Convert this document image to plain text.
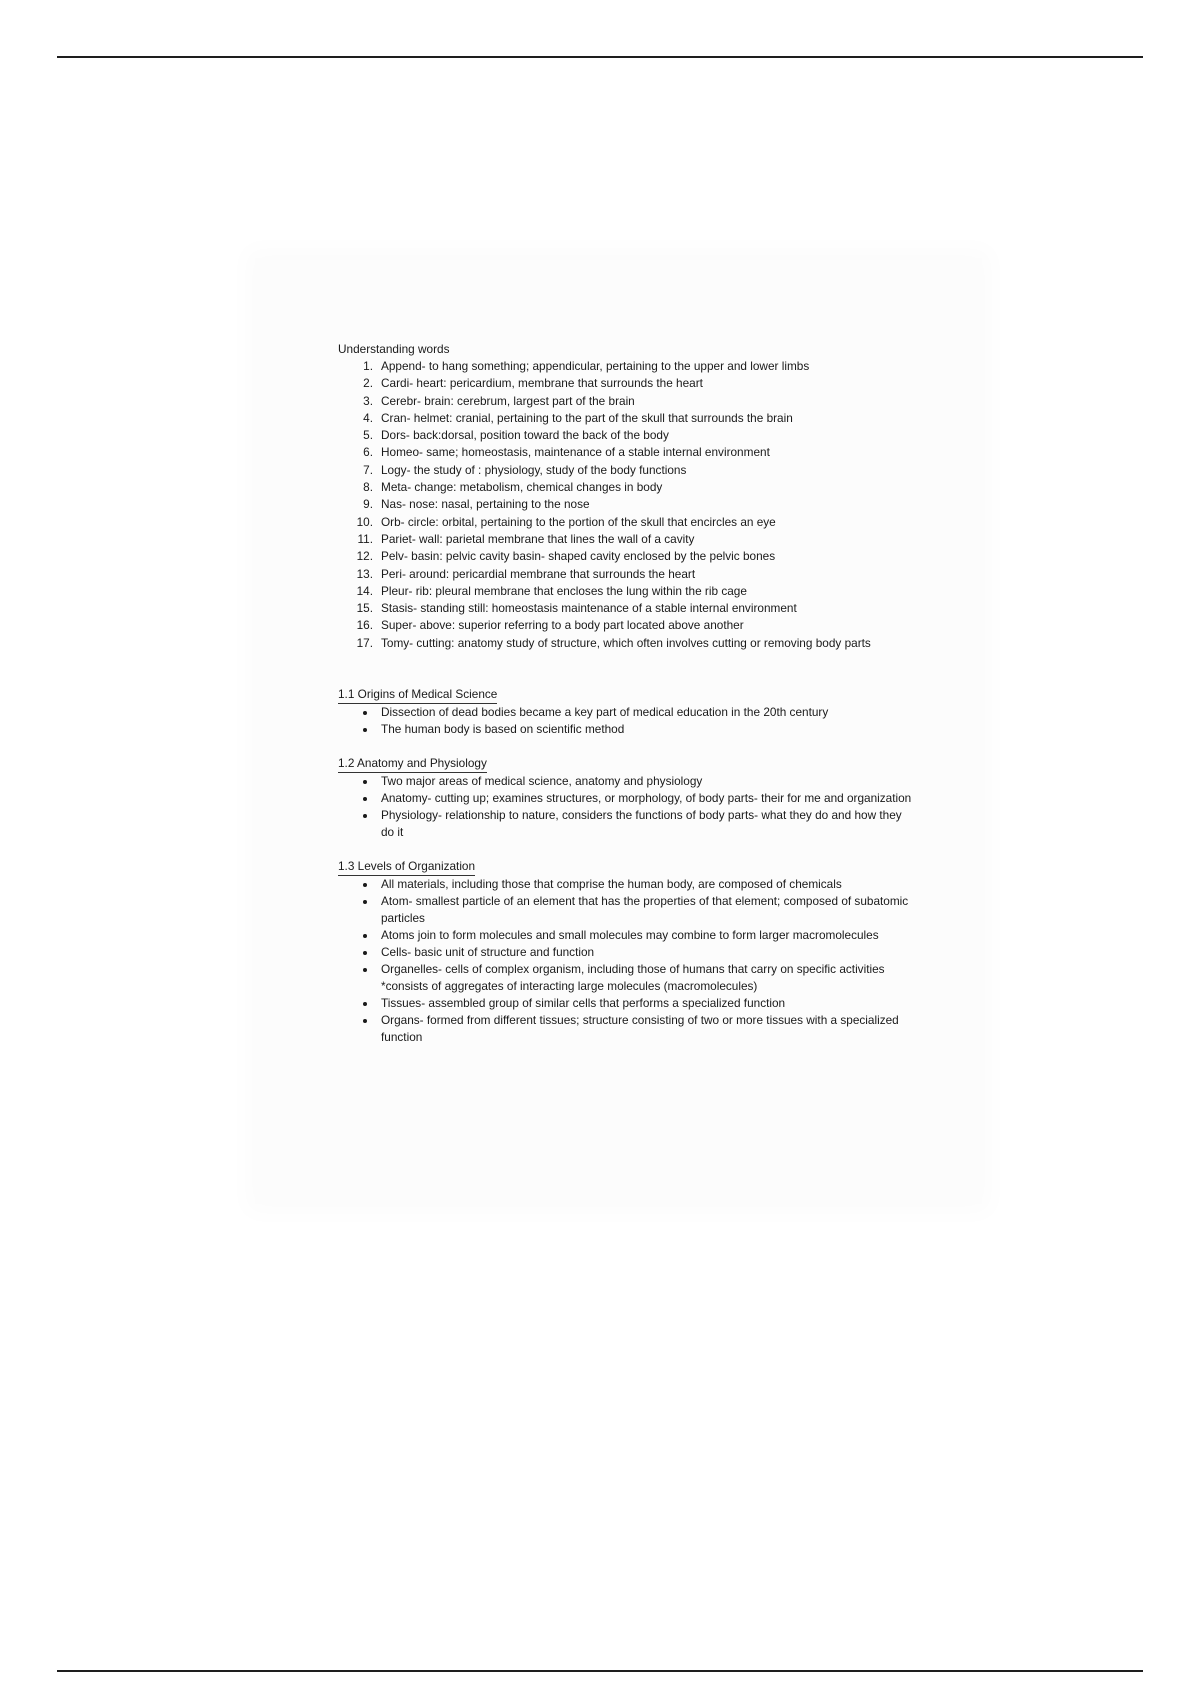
Understanding words
1. Append- to hang something; appendicular, pertaining to the upper and lower limbs
2. Cardi- heart: pericardium, membrane that surrounds the heart
3. Cerebr- brain: cerebrum, largest part of the brain
4. Cran- helmet: cranial, pertaining to the part of the skull that surrounds the brain
5. Dors- back:dorsal, position toward the back of the body
6. Homeo- same; homeostasis, maintenance of a stable internal environment
7. Logy- the study of : physiology, study of the body functions
8. Meta- change: metabolism, chemical changes in body
9. Nas- nose: nasal, pertaining to the nose
10. Orb- circle: orbital, pertaining to the portion of the skull that encircles an eye
11. Pariet- wall: parietal membrane that lines the wall of a cavity
12. Pelv- basin: pelvic cavity basin- shaped cavity enclosed by the pelvic bones
13. Peri- around: pericardial membrane that surrounds the heart
14. Pleur- rib: pleural membrane that encloses the lung within the rib cage
15. Stasis- standing still: homeostasis maintenance of a stable internal environment
16. Super- above: superior referring to a body part located above another
17. Tomy- cutting: anatomy study of structure, which often involves cutting or removing body parts
1.1 Origins of Medical Science
Dissection of dead bodies became a key part of medical education in the 20th century
The human body is based on scientific method
1.2 Anatomy and Physiology
Two major areas of medical science, anatomy and physiology
Anatomy- cutting up; examines structures, or morphology, of body parts- their for me and organization
Physiology- relationship to nature, considers the functions of body parts- what they do and how they do it
1.3 Levels of Organization
All materials, including those that comprise the human body, are composed of chemicals
Atom- smallest particle of an element that has the properties of that element; composed of subatomic particles
Atoms join to form molecules and small molecules may combine to form larger macromolecules
Cells- basic unit of structure and function
Organelles- cells of complex organism, including those of humans that carry on specific activities *consists of aggregates of interacting large molecules (macromolecules)
Tissues- assembled group of similar cells that performs a specialized function
Organs- formed from different tissues; structure consisting of two or more tissues with a specialized function
